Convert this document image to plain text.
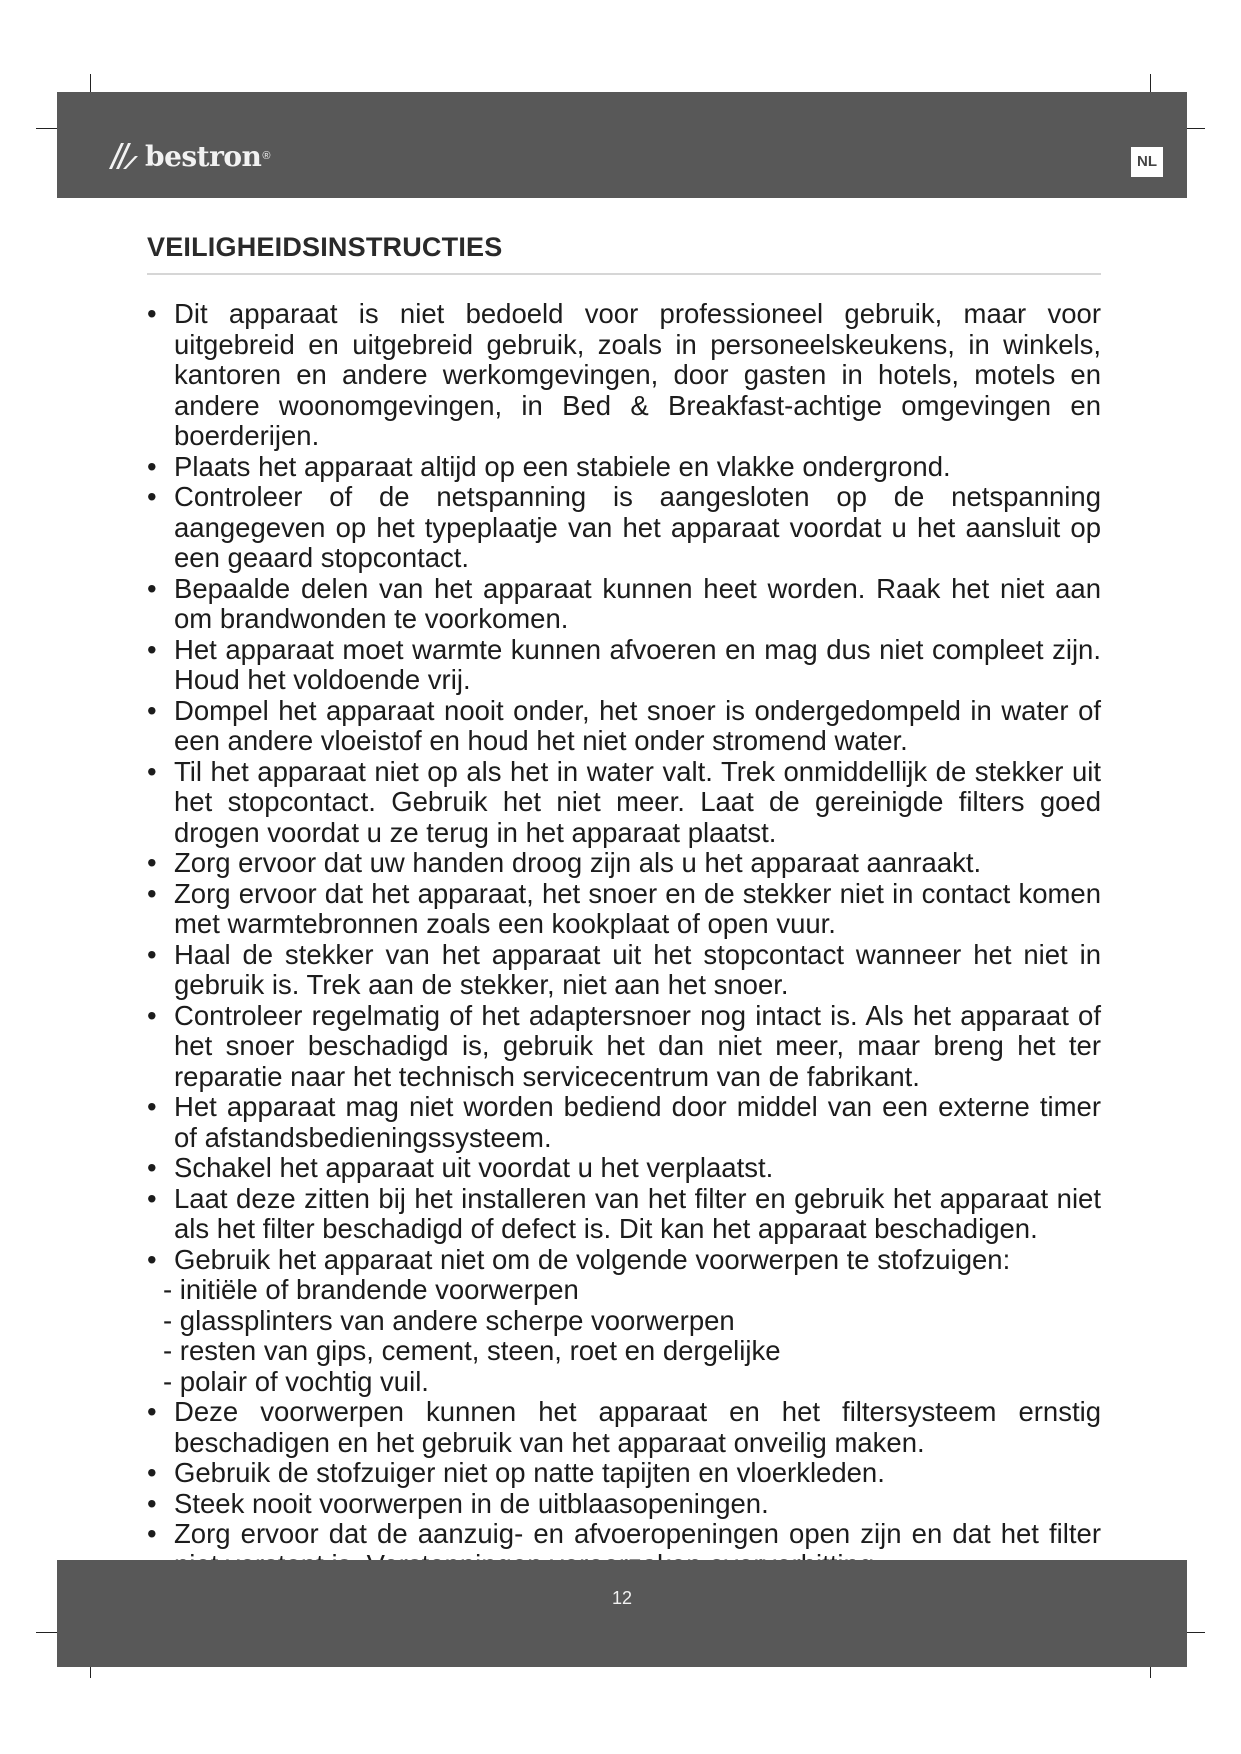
bestron ®	NL
VEILIGHEIDSINSTRUCTIES
• Dit apparaat is niet bedoeld voor professioneel gebruik, maar voor uitgebreid en uitgebreid gebruik, zoals in personeelskeukens, in winkels, kantoren en andere werkomgevingen, door gasten in hotels, motels en andere woonomgevingen, in Bed & Breakfast-achtige omgevingen en boerderijen.
• Plaats het apparaat altijd op een stabiele en vlakke ondergrond.
• Controleer of de netspanning is aangesloten op de netspanning aangegeven op het typeplaatje van het apparaat voordat u het aansluit op een geaard stopcontact.
• Bepaalde delen van het apparaat kunnen heet worden. Raak het niet aan om brandwonden te voorkomen.
• Het apparaat moet warmte kunnen afvoeren en mag dus niet compleet zijn. Houd het voldoende vrij.
• Dompel het apparaat nooit onder, het snoer is ondergedompeld in water of een andere vloeistof en houd het niet onder stromend water.
• Til het apparaat niet op als het in water valt. Trek onmiddellijk de stekker uit het stopcontact. Gebruik het niet meer. Laat de gereinigde filters goed drogen voordat u ze terug in het apparaat plaatst.
• Zorg ervoor dat uw handen droog zijn als u het apparaat aanraakt.
• Zorg ervoor dat het apparaat, het snoer en de stekker niet in contact komen met warmtebronnen zoals een kookplaat of open vuur.
• Haal de stekker van het apparaat uit het stopcontact wanneer het niet in gebruik is. Trek aan de stekker, niet aan het snoer.
• Controleer regelmatig of het adaptersnoer nog intact is. Als het apparaat of het snoer beschadigd is, gebruik het dan niet meer, maar breng het ter reparatie naar het technisch servicecentrum van de fabrikant.
• Het apparaat mag niet worden bediend door middel van een externe timer of afstandsbedieningssysteem.
• Schakel het apparaat uit voordat u het verplaatst.
• Laat deze zitten bij het installeren van het filter en gebruik het apparaat niet als het filter beschadigd of defect is. Dit kan het apparaat beschadigen.
• Gebruik het apparaat niet om de volgende voorwerpen te stofzuigen:
- initiële of brandende voorwerpen
- glassplinters van andere scherpe voorwerpen
- resten van gips, cement, steen, roet en dergelijke
- polair of vochtig vuil.
• Deze voorwerpen kunnen het apparaat en het filtersysteem ernstig beschadigen en het gebruik van het apparaat onveilig maken.
• Gebruik de stofzuiger niet op natte tapijten en vloerkleden.
• Steek nooit voorwerpen in de uitblaasopeningen.
• Zorg ervoor dat de aanzuig- en afvoeropeningen open zijn en dat het filter
12
